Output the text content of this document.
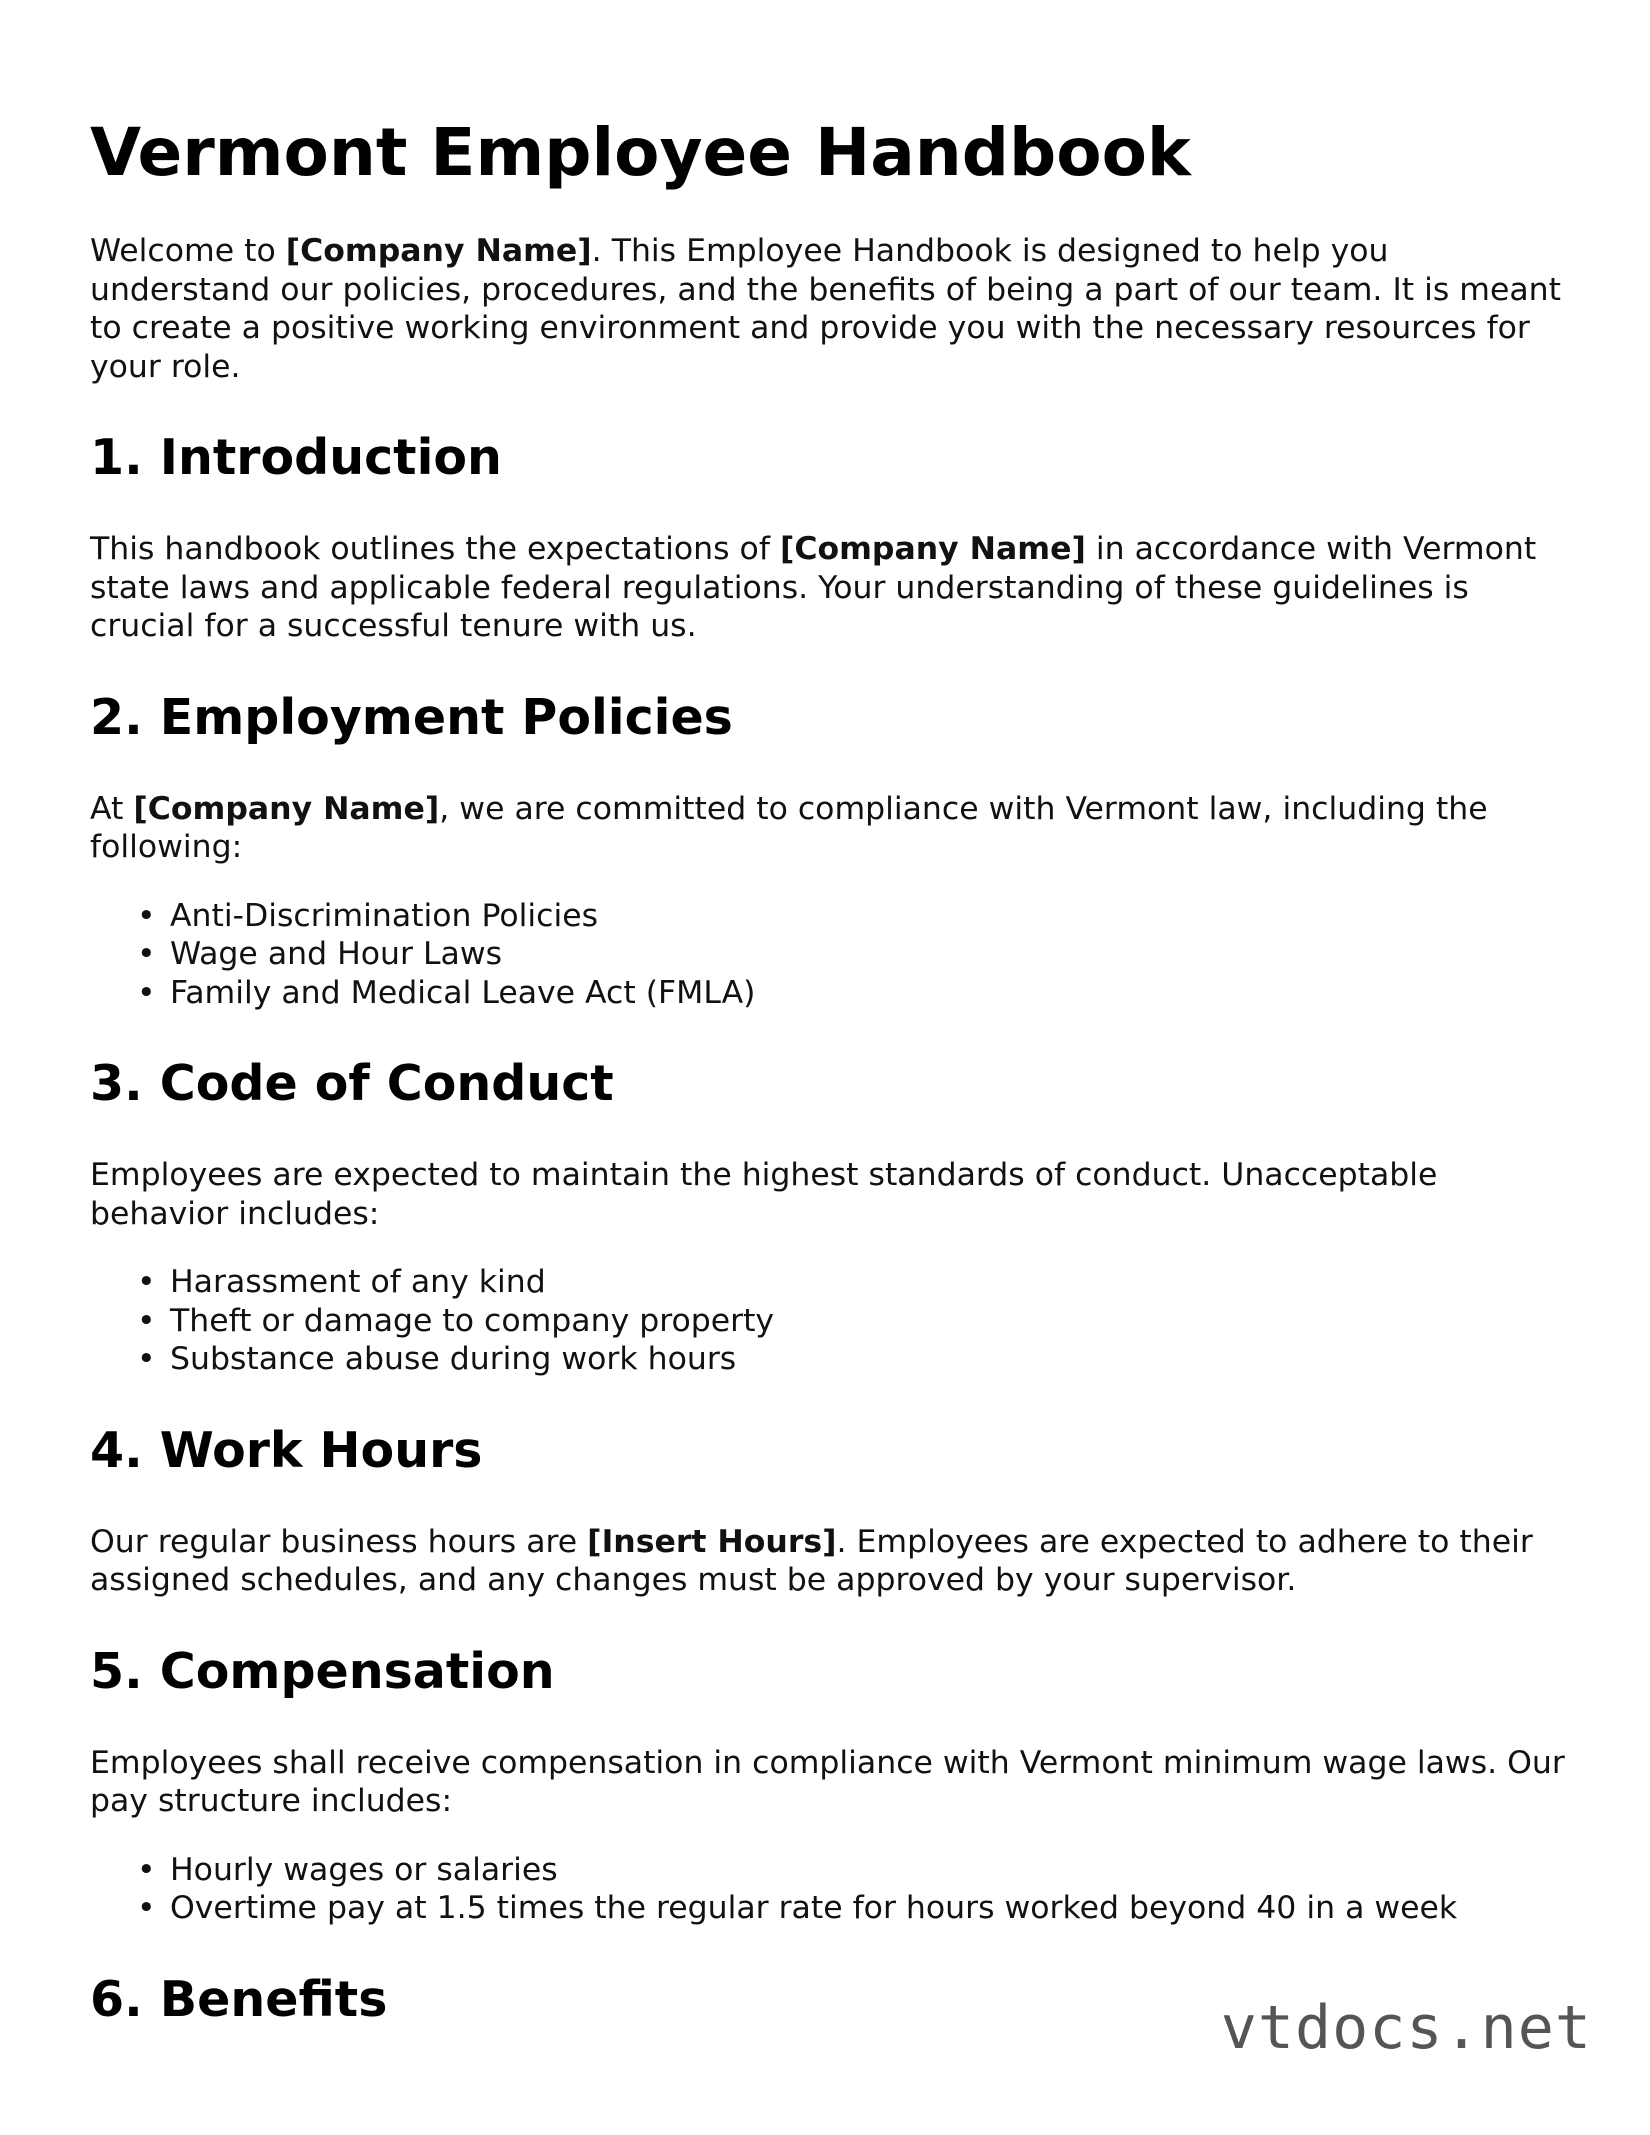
Vermont Employee Handbook

Welcome to [Company Name]. This Employee Handbook is designed to help you understand our policies, procedures, and the benefits of being a part of our team. It is meant to create a positive working environment and provide you with the necessary resources for your role.

1. Introduction

This handbook outlines the expectations of [Company Name] in accordance with Vermont state laws and applicable federal regulations. Your understanding of these guidelines is crucial for a successful tenure with us.

2. Employment Policies

At [Company Name], we are committed to compliance with Vermont law, including the following:

• Anti-Discrimination Policies
• Wage and Hour Laws
• Family and Medical Leave Act (FMLA)
3. Code of Conduct

Employees are expected to maintain the highest standards of conduct. Unacceptable behavior includes:

• Harassment of any kind
• Theft or damage to company property
• Substance abuse during work hours
4. Work Hours

Our regular business hours are [Insert Hours]. Employees are expected to adhere to their assigned schedules, and any changes must be approved by your supervisor.

5. Compensation

Employees shall receive compensation in compliance with Vermont minimum wage laws. Our pay structure includes:

• Hourly wages or salaries
• Overtime pay at 1.5 times the regular rate for hours worked beyond 40 in a week
6. Benefits	vtdocs.net
